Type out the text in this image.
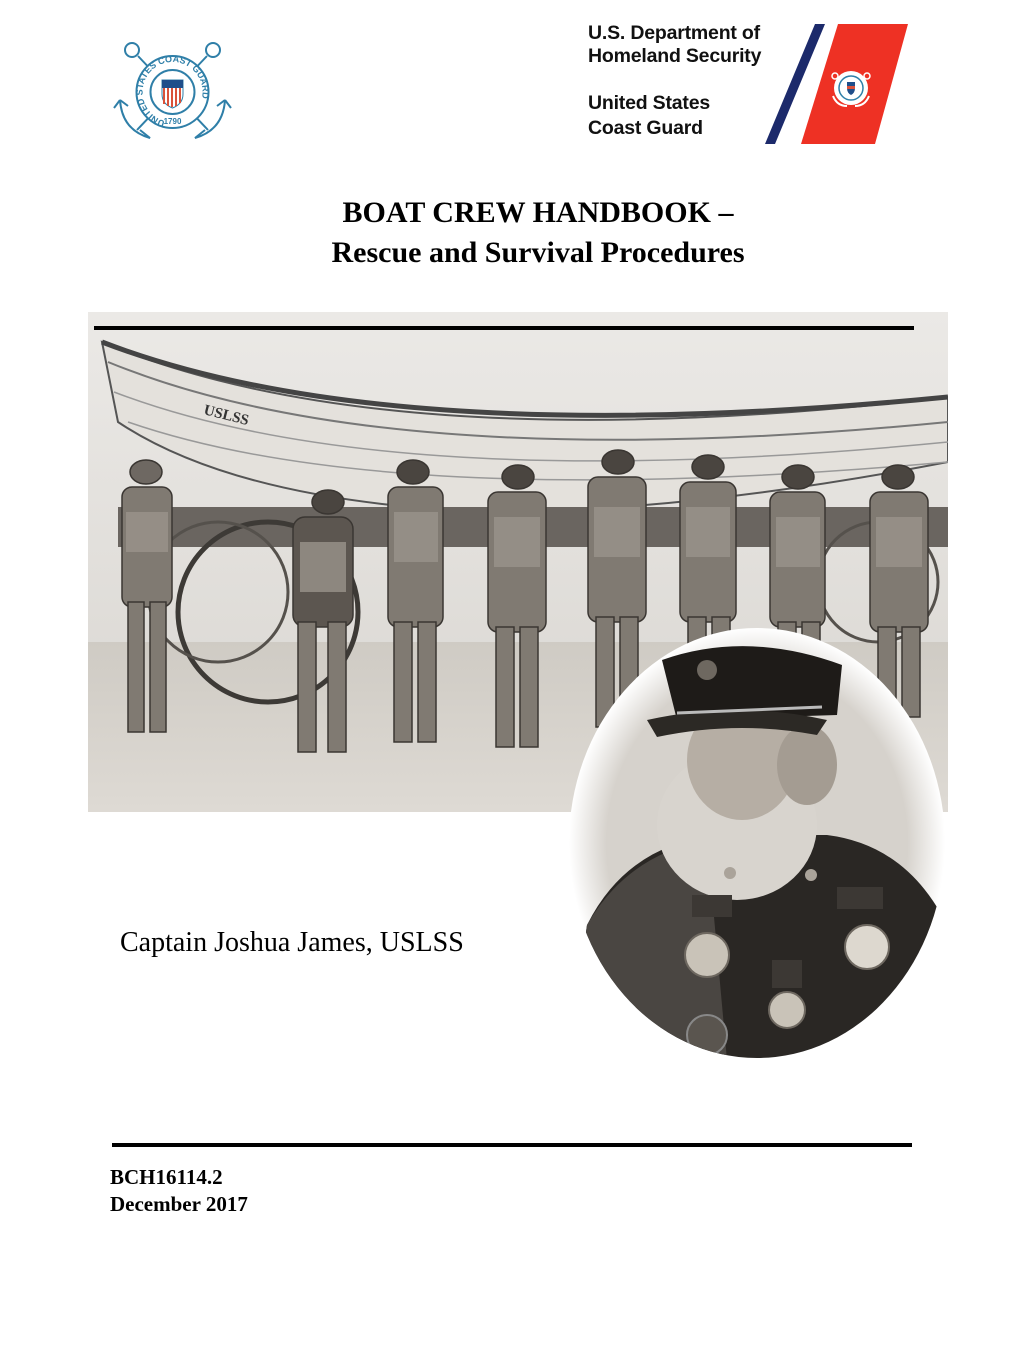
UNITED STATES COAST GUARD
1790
U.S. Department of
Homeland Security
United States
Coast Guard
BOAT CREW HANDBOOK –
Rescue and Survival Procedures
USLSS
Captain Joshua James, USLSS
BCH16114.2
December 2017
